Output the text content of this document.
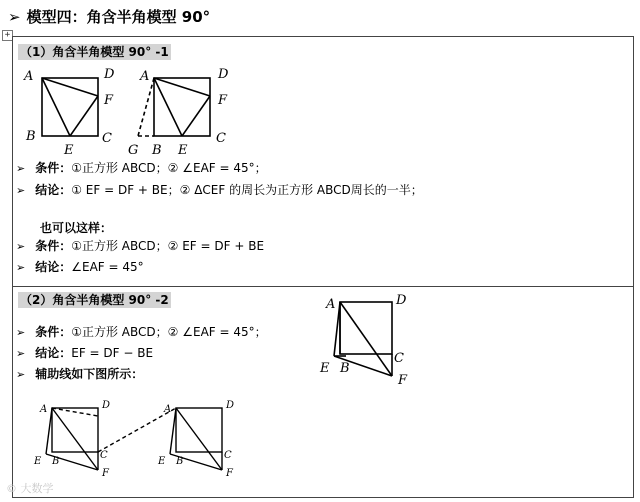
➢ 模型四：角含半角模型 90°
+
（1）角含半角模型 90° -1
A	D
F
B
E
C
A	D
F
G B E
C
➢ 条件：①正方形 ABCD；② ∠EAF = 45°；
➢ 结论：① EF = DF + BE；② ΔCEF 的周长为正方形 ABCD周长的一半；
也可以这样：
➢ 条件：①正方形 ABCD；② EF = DF + BE
➢ 结论：∠EAF = 45°
（2）角含半角模型 90° -2
➢ 条件：①正方形 ABCD；② ∠EAF = 45°；
➢ 结论：EF = DF − BE
➢ 辅助线如下图所示：
A	D
C
E B
F
A	D
C
E B
F
A	D
C
E B
F
© 大数学
